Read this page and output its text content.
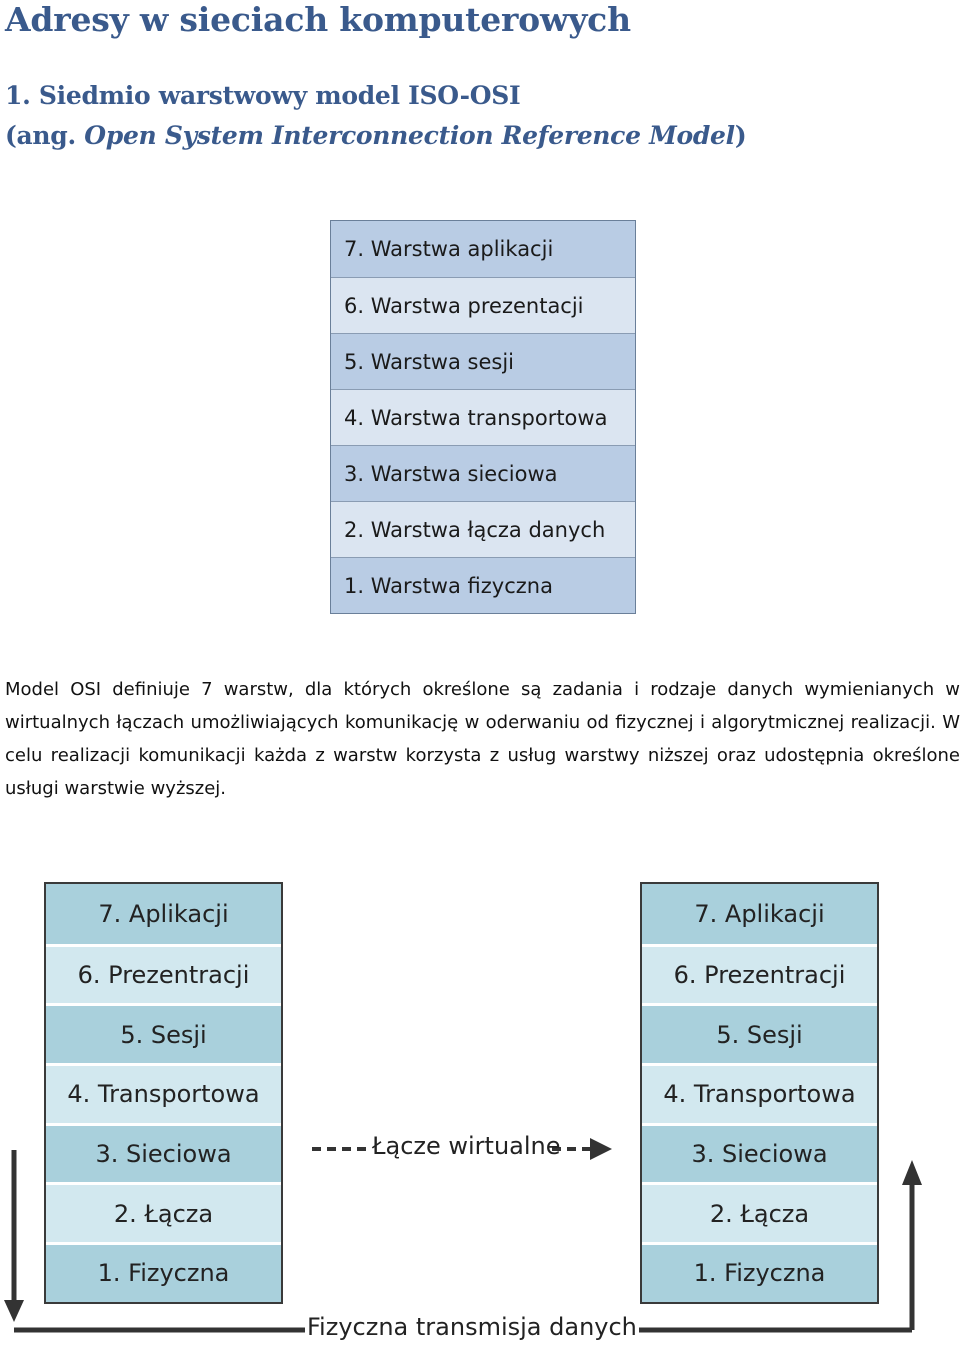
Adresy w sieciach komputerowych
1. Siedmio warstwowy model ISO-OSI
(ang. Open System Interconnection Reference Model)
7. Warstwa aplikacji
6. Warstwa prezentacji
5. Warstwa sesji
4. Warstwa transportowa
3. Warstwa sieciowa
2. Warstwa łącza danych
1. Warstwa fizyczna
Model OSI definiuje 7 warstw, dla których określone są zadania i rodzaje danych wymienianych w wirtualnych łączach umożliwiających komunikację w oderwaniu od fizycznej i algorytmicznej realizacji. W celu realizacji komunikacji każda z warstw korzysta z usług warstwy niższej oraz udostępnia określone usługi warstwie wyższej.
7. Aplikacji
6. Prezentracji
5. Sesji
4. Transportowa
3. Sieciowa
2. Łącza
1. Fizyczna
7. Aplikacji
6. Prezentracji
5. Sesji
4. Transportowa
3. Sieciowa
2. Łącza
1. Fizyczna
Łącze wirtualne
Fizyczna transmisja danych
